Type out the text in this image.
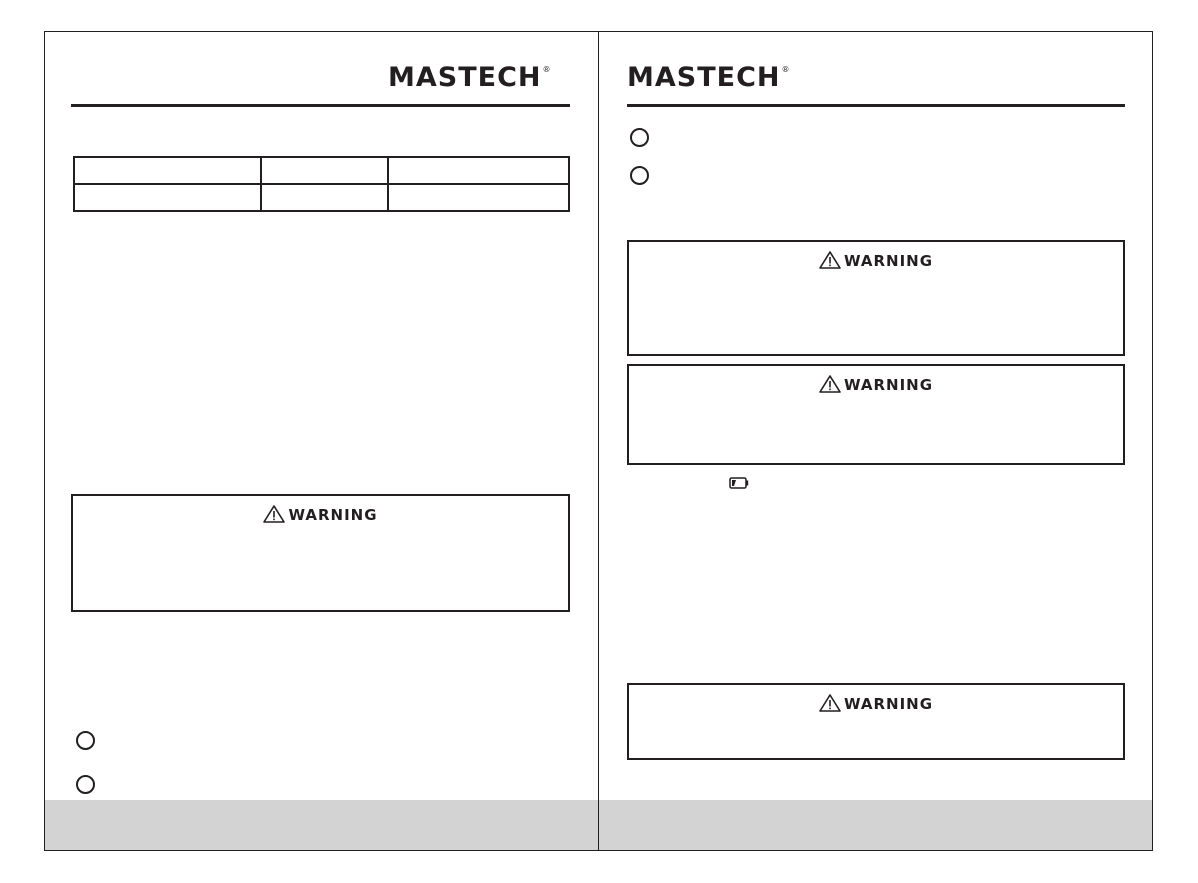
MASTECH®

WARNING
MASTECH®
WARNING
WARNING
WARNING
